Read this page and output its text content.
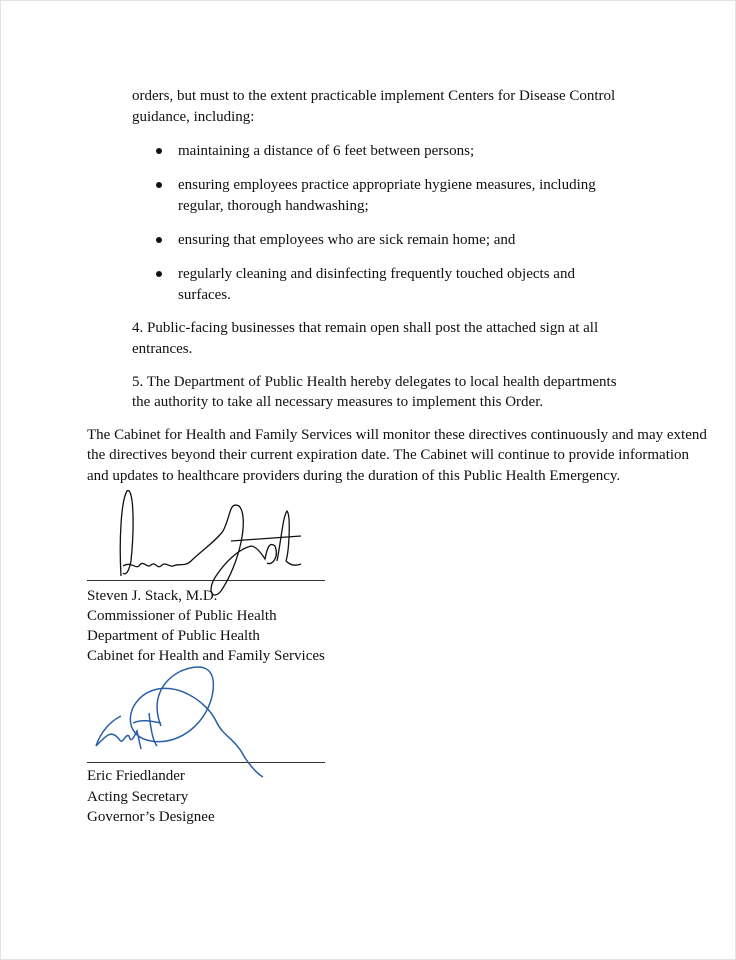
orders, but must to the extent practicable implement Centers for Disease Control
guidance, including:
maintaining a distance of 6 feet between persons;
ensuring employees practice appropriate hygiene measures, including
regular, thorough handwashing;
ensuring that employees who are sick remain home; and
regularly cleaning and disinfecting frequently touched objects and
surfaces.
4. Public-facing businesses that remain open shall post the attached sign at all
entrances.
5. The Department of Public Health hereby delegates to local health departments
the authority to take all necessary measures to implement this Order.
The Cabinet for Health and Family Services will monitor these directives continuously and may extend
the directives beyond their current expiration date. The Cabinet will continue to provide information
and updates to healthcare providers during the duration of this Public Health Emergency.
Steven J. Stack, M.D.
Commissioner of Public Health
Department of Public Health
Cabinet for Health and Family Services
Eric Friedlander
Acting Secretary
Governor’s Designee
